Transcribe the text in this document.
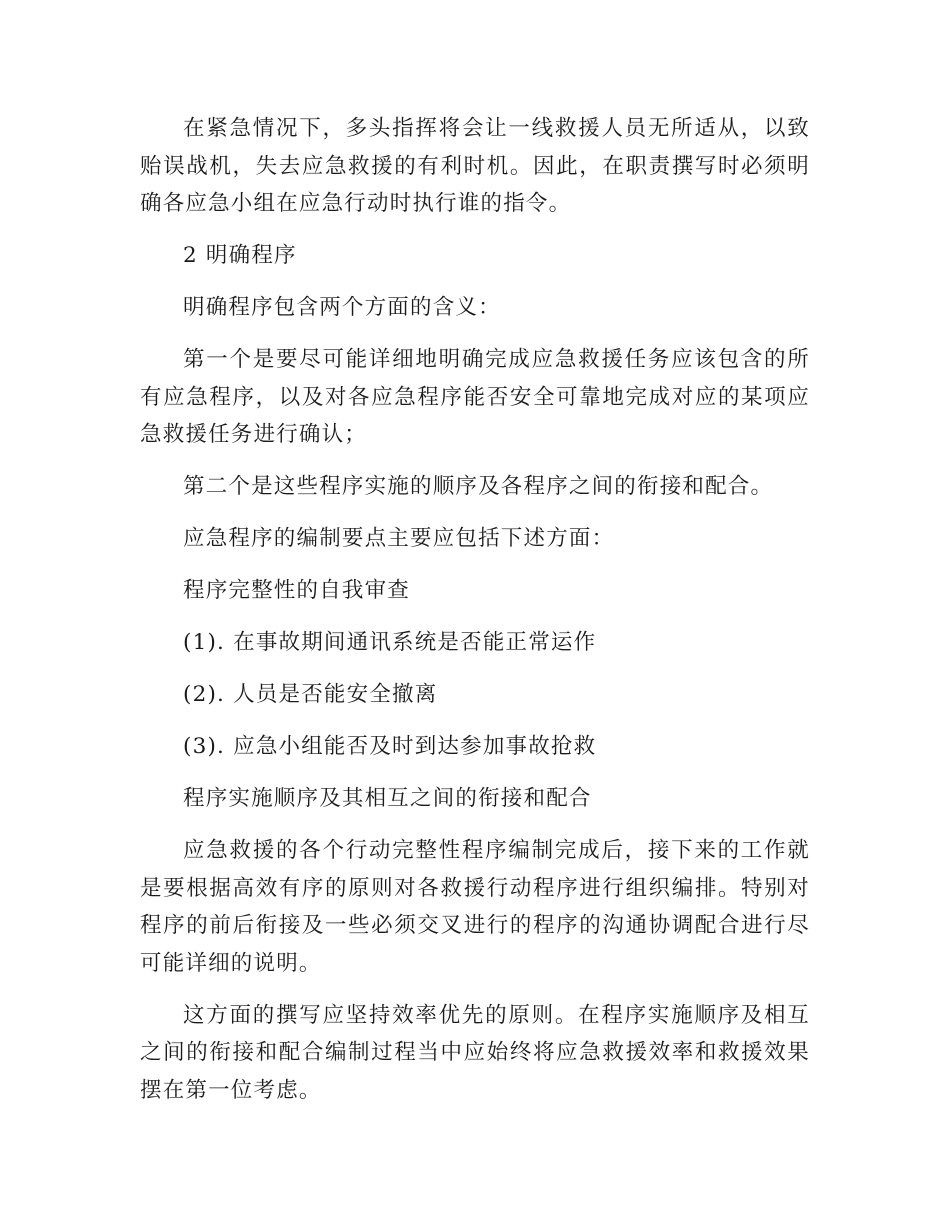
在紧急情况下，多头指挥将会让一线救援人员无所适从，以致贻误战机，失去应急救援的有利时机。因此，在职责撰写时必须明确各应急小组在应急行动时执行谁的指令。

2 明确程序

明确程序包含两个方面的含义：

第一个是要尽可能详细地明确完成应急救援任务应该包含的所有应急程序，以及对各应急程序能否安全可靠地完成对应的某项应急救援任务进行确认；

第二个是这些程序实施的顺序及各程序之间的衔接和配合。

应急程序的编制要点主要应包括下述方面：

程序完整性的自我审查

(1). 在事故期间通讯系统是否能正常运作

(2). 人员是否能安全撤离

(3). 应急小组能否及时到达参加事故抢救

程序实施顺序及其相互之间的衔接和配合

应急救援的各个行动完整性程序编制完成后，接下来的工作就是要根据高效有序的原则对各救援行动程序进行组织编排。特别对程序的前后衔接及一些必须交叉进行的程序的沟通协调配合进行尽可能详细的说明。

这方面的撰写应坚持效率优先的原则。在程序实施顺序及相互之间的衔接和配合编制过程当中应始终将应急救援效率和救援效果摆在第一位考虑。
